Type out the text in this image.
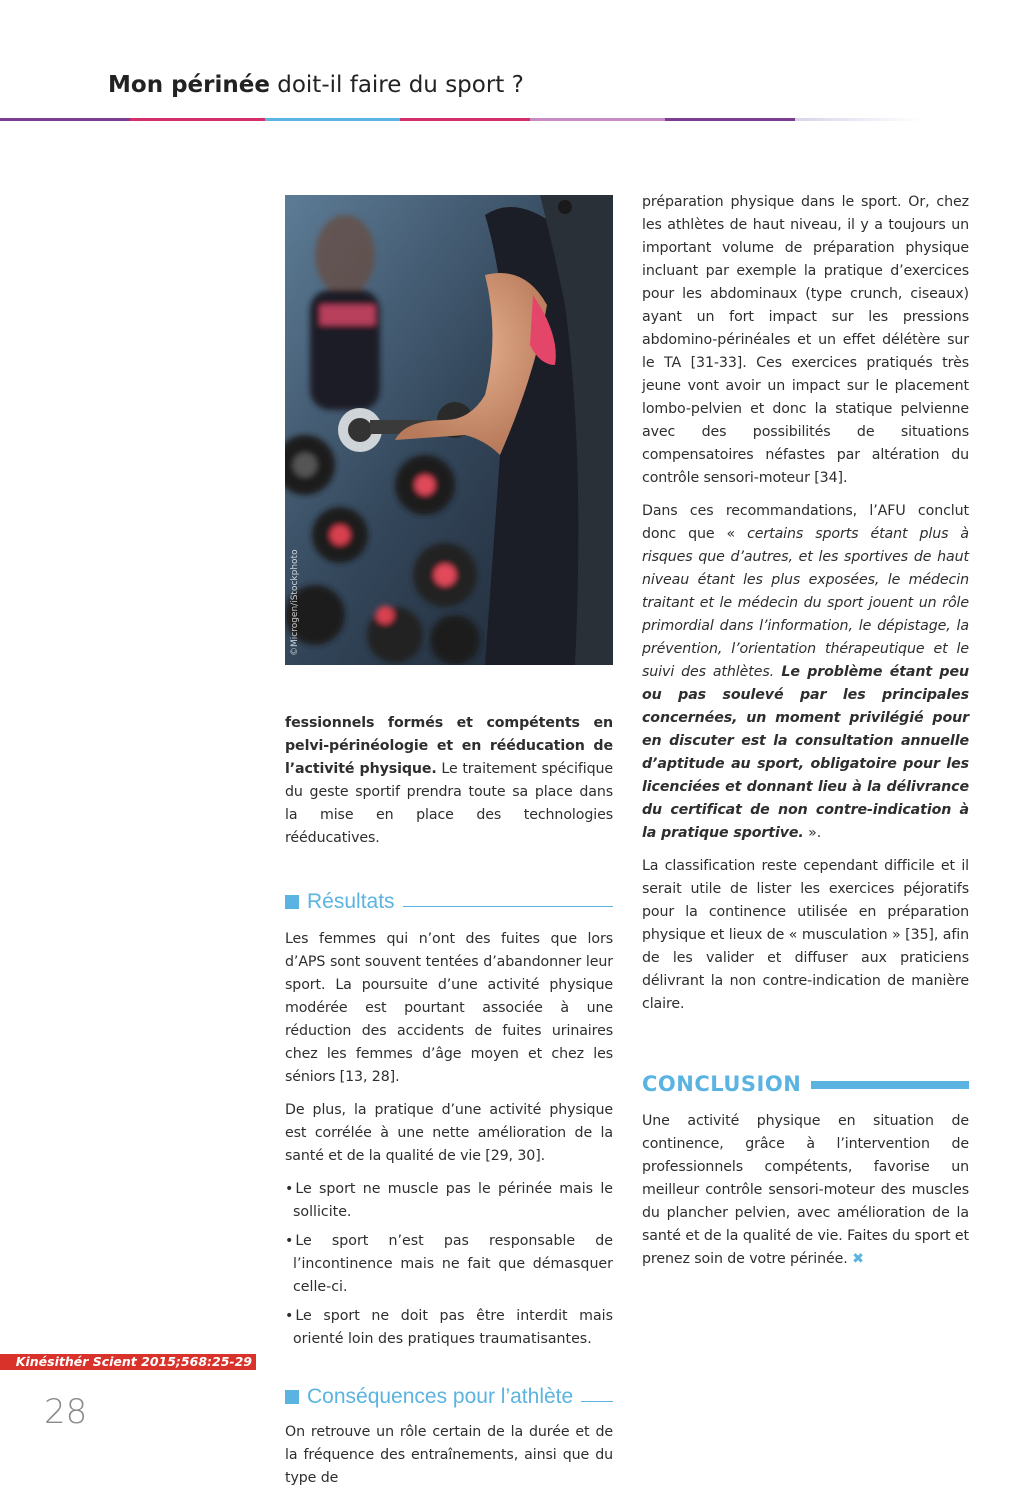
Mon périnée doit-il faire du sport ?
©Microgen/iStockphoto

fessionnels formés et compétents en pelvi-périnéologie et en rééducation de l’activité physique. Le traitement spécifique du geste sportif prendra toute sa place dans la mise en place des technologies rééducatives.

Résultats

Les femmes qui n’ont des fuites que lors d’APS sont souvent tentées d’abandonner leur sport. La poursuite d’une activité physique modérée est pourtant associée à une réduction des accidents de fuites urinaires chez les femmes d’âge moyen et chez les séniors [13, 28].

De plus, la pratique d’une activité physique est corrélée à une nette amélioration de la santé et de la qualité de vie [29, 30].

• Le sport ne muscle pas le périnée mais le sollicite.
• Le sport n’est pas responsable de l’incontinence mais ne fait que démasquer celle-ci.
• Le sport ne doit pas être interdit mais orienté loin des pratiques traumatisantes.
Conséquences pour l’athlète

On retrouve un rôle certain de la durée et de la fréquence des entraînements, ainsi que du type de

préparation physique dans le sport. Or, chez les athlètes de haut niveau, il y a toujours un important volume de préparation physique incluant par exemple la pratique d’exercices pour les abdominaux (type crunch, ciseaux) ayant un fort impact sur les pressions abdomino-périnéales et un effet délétère sur le TA [31-33]. Ces exercices pratiqués très jeune vont avoir un impact sur le placement lombo-pelvien et donc la statique pelvienne avec des possibilités de situations compensatoires néfastes par altération du contrôle sensori-moteur [34].

Dans ces recommandations, l’AFU conclut donc que « certains sports étant plus à risques que d’autres, et les sportives de haut niveau étant les plus exposées, le médecin traitant et le médecin du sport jouent un rôle primordial dans l’information, le dépistage, la prévention, l’orientation thérapeutique et le suivi des athlètes. Le problème étant peu ou pas soulevé par les principales concernées, un moment privilégié pour en discuter est la consultation annuelle d’aptitude au sport, obligatoire pour les licenciées et donnant lieu à la délivrance du certificat de non contre-indication à la pratique sportive. ».

La classification reste cependant difficile et il serait utile de lister les exercices péjoratifs pour la continence utilisée en préparation physique et lieux de « musculation » [35], afin de les valider et diffuser aux praticiens délivrant la non contre-indication de manière claire.

CONCLUSION

Une activité physique en situation de continence, grâce à l’intervention de professionnels compétents, favorise un meilleur contrôle sensori-moteur des muscles du plancher pelvien, avec amélioration de la santé et de la qualité de vie. Faites du sport et prenez soin de votre périnée. ✖

Kinésithér Scient 2015;568:25-29
28
